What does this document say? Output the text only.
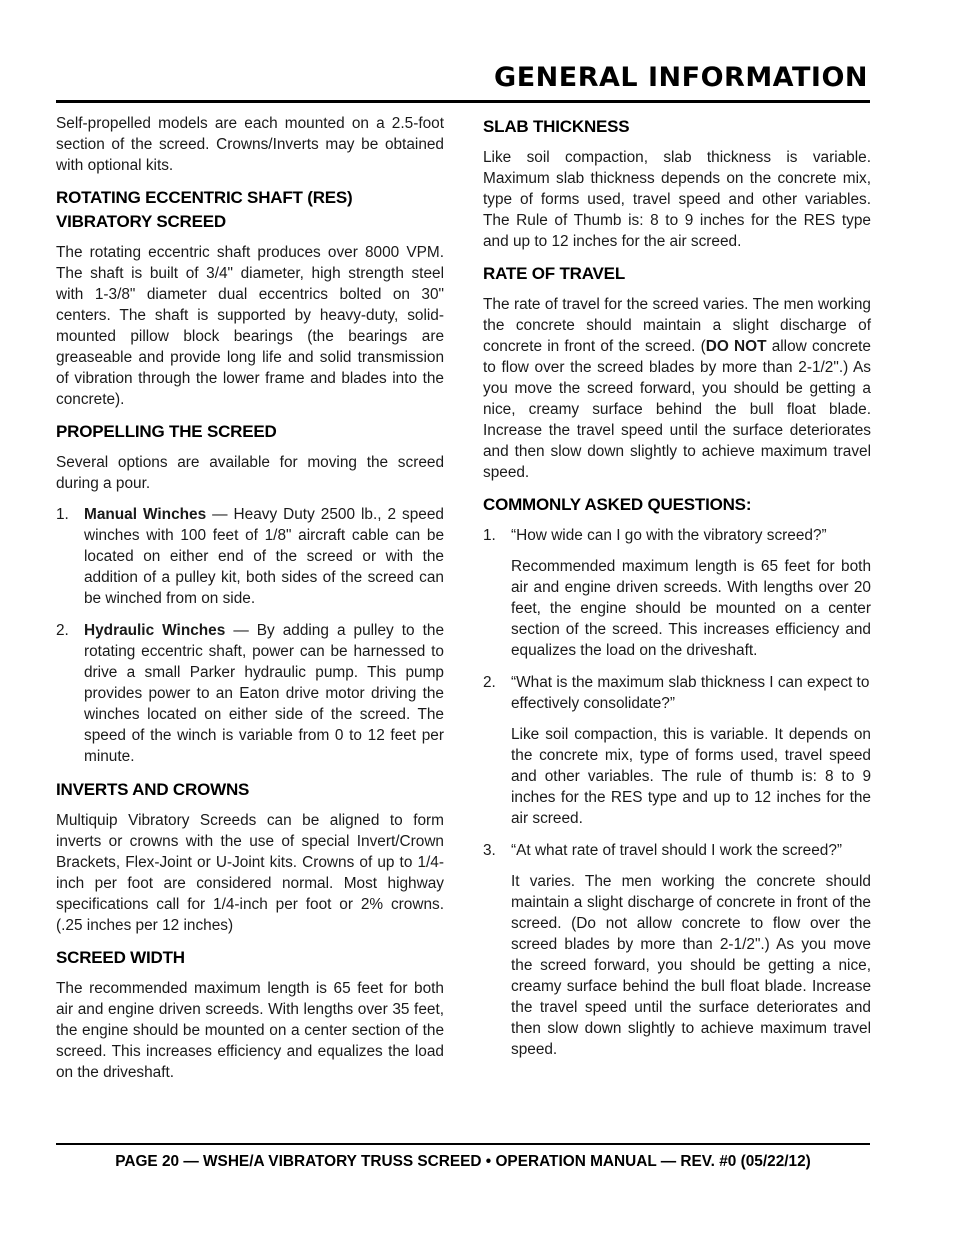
GENERAL INFORMATION

Self-propelled models are each mounted on a 2.5-foot section of the screed. Crowns/Inverts may be obtained with optional kits.

ROTATING ECCENTRIC SHAFT (RES)
VIBRATORY SCREED

The rotating eccentric shaft produces over 8000 VPM. The shaft is built of 3/4" diameter, high strength steel with 1-3/8" diameter dual eccentrics bolted on 30" centers. The shaft is supported by heavy-duty, solid-mounted pillow block bearings (the bearings are greaseable and provide long life and solid transmission of vibration through the lower frame and blades into the concrete).

PROPELLING THE SCREED

Several options are available for moving the screed during a pour.

1. Manual Winches — Heavy Duty 2500 lb., 2 speed winches with 100 feet of 1/8" aircraft cable can be located on either end of the screed or with the addition of a pulley kit, both sides of the screed can be winched from on side.

2. Hydraulic Winches — By adding a pulley to the rotating eccentric shaft, power can be harnessed to drive a small Parker hydraulic pump. This pump provides power to an Eaton drive motor driving the winches located on either side of the screed. The speed of the winch is variable from 0 to 12 feet per minute.

INVERTS AND CROWNS

Multiquip Vibratory Screeds can be aligned to form inverts or crowns with the use of special Invert/Crown Brackets, Flex-Joint or U-Joint kits. Crowns of up to 1/4-inch per foot are considered normal. Most highway specifications call for 1/4-inch per foot or 2% crowns. (.25 inches per 12 inches)

SCREED WIDTH

The recommended maximum length is 65 feet for both air and engine driven screeds. With lengths over 35 feet, the engine should be mounted on a center section of the screed. This increases efficiency and equalizes the load on the driveshaft.

SLAB THICKNESS

Like soil compaction, slab thickness is variable. Maximum slab thickness depends on the concrete mix, type of forms used, travel speed and other variables. The Rule of Thumb is: 8 to 9 inches for the RES type and up to 12 inches for the air screed.

RATE OF TRAVEL

The rate of travel for the screed varies. The men working the concrete should maintain a slight discharge of concrete in front of the screed. (DO NOT allow concrete to flow over the screed blades by more than 2-1/2".) As you move the screed forward, you should be getting a nice, creamy surface behind the bull float blade. Increase the travel speed until the surface deteriorates and then slow down slightly to achieve maximum travel speed.

COMMONLY ASKED QUESTIONS:
1. “How wide can I go with the vibratory screed?”

Recommended maximum length is 65 feet for both air and engine driven screeds. With lengths over 20 feet, the engine should be mounted on a center section of the screed. This increases efficiency and equalizes the load on the driveshaft.

2. “What is the maximum slab thickness I can expect to effectively consolidate?”

Like soil compaction, this is variable. It depends on the concrete mix, type of forms used, travel speed and other variables. The rule of thumb is: 8 to 9 inches for the RES type and up to 12 inches for the air screed.

3. “At what rate of travel should I work the screed?”

It varies. The men working the concrete should maintain a slight discharge of concrete in front of the screed. (Do not allow concrete to flow over the screed blades by more than 2-1/2".) As you move the screed forward, you should be getting a nice, creamy surface behind the bull float blade. Increase the travel speed until the surface deteriorates and then slow down slightly to achieve maximum travel speed.

PAGE 20 — WSHE/A VIBRATORY TRUSS SCREED • OPERATION MANUAL — REV. #0 (05/22/12)
